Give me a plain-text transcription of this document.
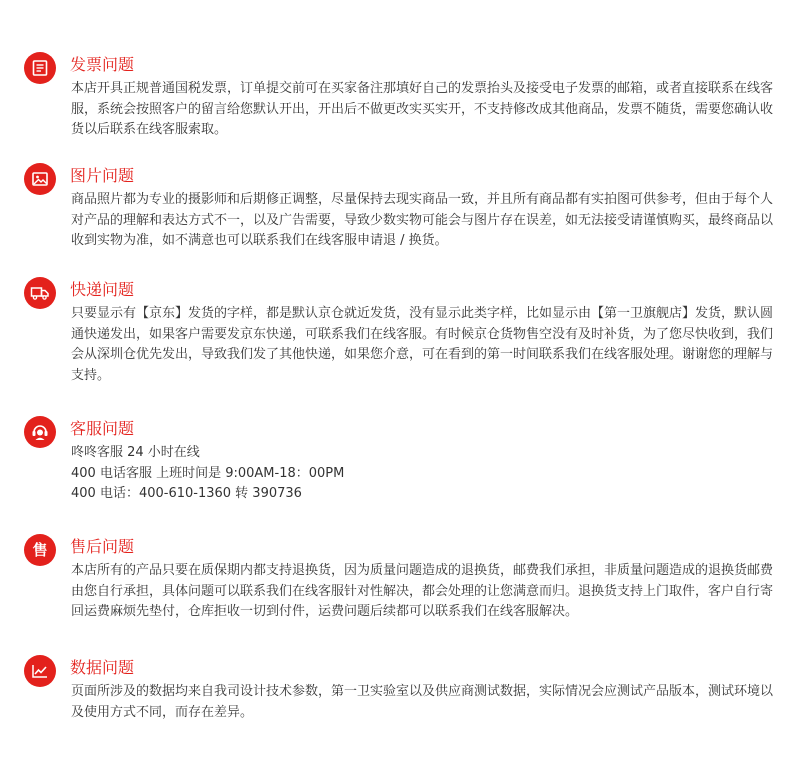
发票问题
本店开具正规普通国税发票，订单提交前可在买家备注那填好自己的发票抬头及接受电子发票的邮箱，或者直接联系在线客服，系统会按照客户的留言给您默认开出，开出后不做更改实买实开，不支持修改成其他商品，发票不随货，需要您确认收货以后联系在线客服索取。
图片问题
商品照片都为专业的摄影师和后期修正调整，尽量保持去现实商品一致，并且所有商品都有实拍图可供参考，但由于每个人对产品的理解和表达方式不一，以及广告需要，导致少数实物可能会与图片存在误差，如无法接受请谨慎购买，最终商品以收到实物为准，如不满意也可以联系我们在线客服申请退 / 换货。
快递问题
只要显示有【京东】发货的字样，都是默认京仓就近发货，没有显示此类字样，比如显示由【第一卫旗舰店】发货，默认圆通快递发出，如果客户需要发京东快递，可联系我们在线客服。有时候京仓货物售空没有及时补货，为了您尽快收到，我们会从深圳仓优先发出，导致我们发了其他快递，如果您介意，可在看到的第一时间联系我们在线客服处理。谢谢您的理解与支持。
客服问题
咚咚客服 24 小时在线
400 电话客服 上班时间是 9:00AM-18：00PM
400 电话：400-610-1360 转 390736
售 售后问题
本店所有的产品只要在质保期内都支持退换货，因为质量问题造成的退换货，邮费我们承担，非质量问题造成的退换货邮费由您自行承担，具体问题可以联系我们在线客服针对性解决，都会处理的让您满意而归。退换货支持上门取件，客户自行寄回运费麻烦先垫付，仓库拒收一切到付件，运费问题后续都可以联系我们在线客服解决。
数据问题
页面所涉及的数据均来自我司设计技术参数，第一卫实验室以及供应商测试数据，实际情况会应测试产品版本，测试环境以及使用方式不同，而存在差异。
